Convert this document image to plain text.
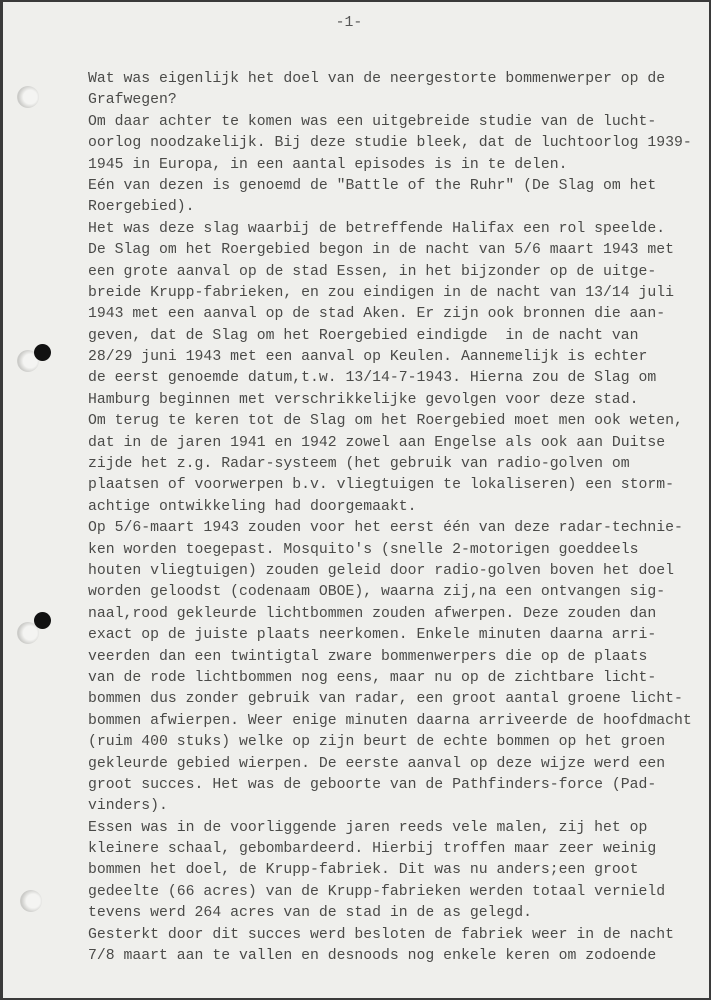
-1-
Wat was eigenlijk het doel van de neergestorte bommenwerper op de
Grafwegen?
Om daar achter te komen was een uitgebreide studie van de lucht-
oorlog noodzakelijk. Bij deze studie bleek, dat de luchtoorlog 1939-
1945 in Europa, in een aantal episodes is in te delen.
Eén van dezen is genoemd de "Battle of the Ruhr" (De Slag om het
Roergebied).
Het was deze slag waarbij de betreffende Halifax een rol speelde.
De Slag om het Roergebied begon in de nacht van 5/6 maart 1943 met
een grote aanval op de stad Essen, in het bijzonder op de uitge-
breide Krupp-fabrieken, en zou eindigen in de nacht van 13/14 juli
1943 met een aanval op de stad Aken. Er zijn ook bronnen die aan-
geven, dat de Slag om het Roergebied eindigde  in de nacht van
28/29 juni 1943 met een aanval op Keulen. Aannemelijk is echter
de eerst genoemde datum,t.w. 13/14-7-1943. Hierna zou de Slag om
Hamburg beginnen met verschrikkelijke gevolgen voor deze stad.
Om terug te keren tot de Slag om het Roergebied moet men ook weten,
dat in de jaren 1941 en 1942 zowel aan Engelse als ook aan Duitse
zijde het z.g. Radar-systeem (het gebruik van radio-golven om
plaatsen of voorwerpen b.v. vliegtuigen te lokaliseren) een storm-
achtige ontwikkeling had doorgemaakt.
Op 5/6-maart 1943 zouden voor het eerst één van deze radar-technie-
ken worden toegepast. Mosquito's (snelle 2-motorigen goeddeels
houten vliegtuigen) zouden geleid door radio-golven boven het doel
worden geloodst (codenaam OBOE), waarna zij,na een ontvangen sig-
naal,rood gekleurde lichtbommen zouden afwerpen. Deze zouden dan
exact op de juiste plaats neerkomen. Enkele minuten daarna arri-
veerden dan een twintigtal zware bommenwerpers die op de plaats
van de rode lichtbommen nog eens, maar nu op de zichtbare licht-
bommen dus zonder gebruik van radar, een groot aantal groene licht-
bommen afwierpen. Weer enige minuten daarna arriveerde de hoofdmacht
(ruim 400 stuks) welke op zijn beurt de echte bommen op het groen
gekleurde gebied wierpen. De eerste aanval op deze wijze werd een
groot succes. Het was de geboorte van de Pathfinders-force (Pad-
vinders).
Essen was in de voorliggende jaren reeds vele malen, zij het op
kleinere schaal, gebombardeerd. Hierbij troffen maar zeer weinig
bommen het doel, de Krupp-fabriek. Dit was nu anders;een groot
gedeelte (66 acres) van de Krupp-fabrieken werden totaal vernield
tevens werd 264 acres van de stad in de as gelegd.
Gesterkt door dit succes werd besloten de fabriek weer in de nacht
7/8 maart aan te vallen en desnoods nog enkele keren om zodoende
